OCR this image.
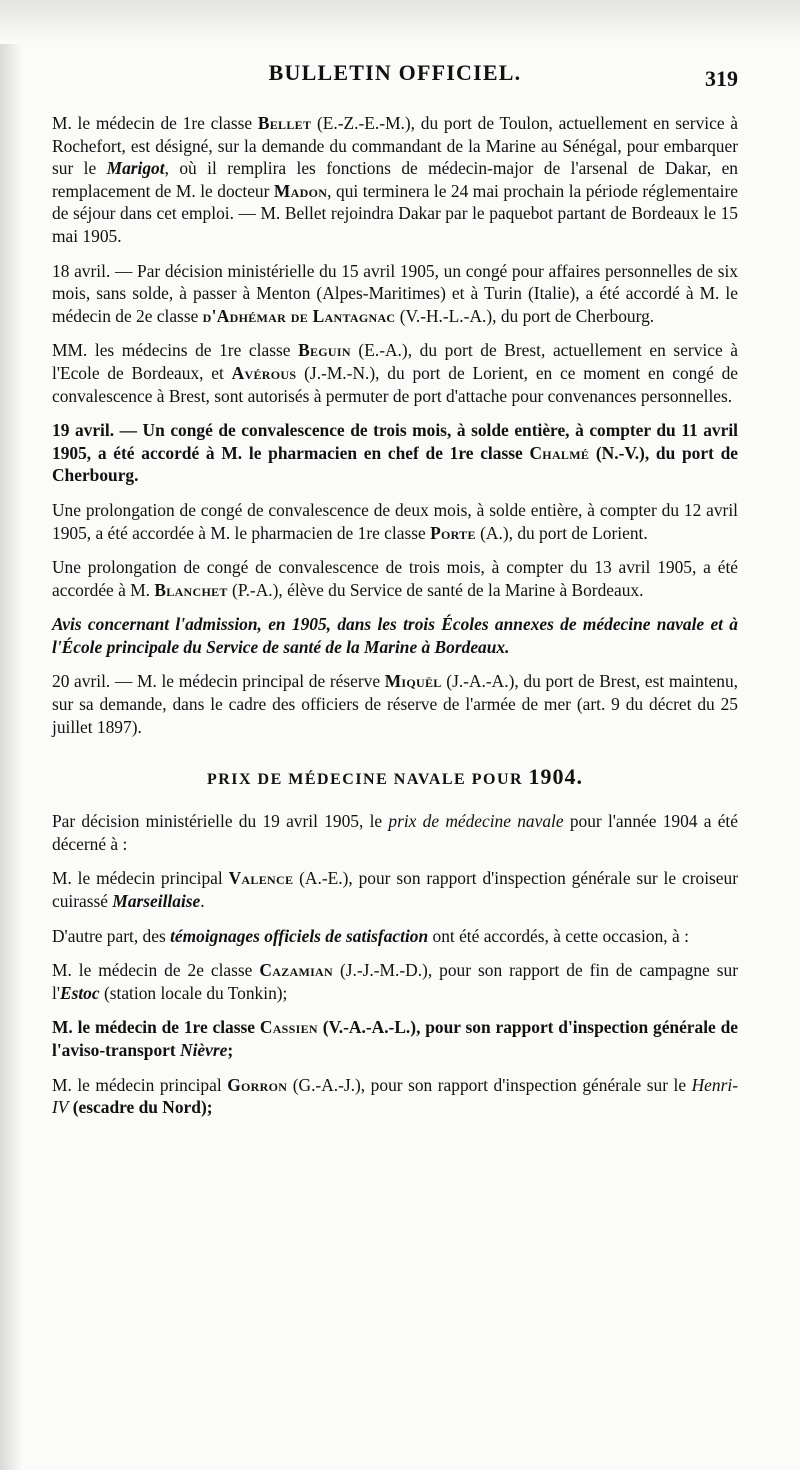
BULLETIN OFFICIEL.	319

M. le médecin de 1re classe Bellet (E.-Z.-E.-M.), du port de Toulon, actuellement en service à Rochefort, est désigné, sur la demande du commandant de la Marine au Sénégal, pour embarquer sur le Marigot, où il remplira les fonctions de médecin-major de l'arsenal de Dakar, en remplacement de M. le docteur Madon, qui terminera le 24 mai prochain la période réglementaire de séjour dans cet emploi. — M. Bellet rejoindra Dakar par le paquebot partant de Bordeaux le 15 mai 1905.

18 avril. — Par décision ministérielle du 15 avril 1905, un congé pour affaires personnelles de six mois, sans solde, à passer à Menton (Alpes-Maritimes) et à Turin (Italie), a été accordé à M. le médecin de 2e classe d'Adhémar de Lantagnac (V.-H.-L.-A.), du port de Cherbourg.

MM. les médecins de 1re classe Beguin (E.-A.), du port de Brest, actuellement en service à l'Ecole de Bordeaux, et Avérous (J.-M.-N.), du port de Lorient, en ce moment en congé de convalescence à Brest, sont autorisés à permuter de port d'attache pour convenances personnelles.

19 avril. — Un congé de convalescence de trois mois, à solde entière, à compter du 11 avril 1905, a été accordé à M. le pharmacien en chef de 1re classe Chalmé (N.-V.), du port de Cherbourg.

Une prolongation de congé de convalescence de deux mois, à solde entière, à compter du 12 avril 1905, a été accordée à M. le pharmacien de 1re classe Porte (A.), du port de Lorient.

Une prolongation de congé de convalescence de trois mois, à compter du 13 avril 1905, a été accordée à M. Blanchet (P.-A.), élève du Service de santé de la Marine à Bordeaux.

Avis concernant l'admission, en 1905, dans les trois Écoles annexes de médecine navale et à l'École principale du Service de santé de la Marine à Bordeaux.

20 avril. — M. le médecin principal de réserve Miquël (J.-A.-A.), du port de Brest, est maintenu, sur sa demande, dans le cadre des officiers de réserve de l'armée de mer (art. 9 du décret du 25 juillet 1897).

PRIX DE MÉDECINE NAVALE POUR 1904.

Par décision ministérielle du 19 avril 1905, le prix de médecine navale pour l'année 1904 a été décerné à :

M. le médecin principal Valence (A.-E.), pour son rapport d'inspection générale sur le croiseur cuirassé Marseillaise.

D'autre part, des témoignages officiels de satisfaction ont été accordés, à cette occasion, à :

M. le médecin de 2e classe Cazamian (J.-J.-M.-D.), pour son rapport de fin de campagne sur l'Estoc (station locale du Tonkin);

M. le médecin de 1re classe Cassien (V.-A.-A.-L.), pour son rapport d'inspection générale de l'aviso-transport Nièvre;

M. le médecin principal Gorron (G.-A.-J.), pour son rapport d'inspection générale sur le Henri-IV (escadre du Nord);
